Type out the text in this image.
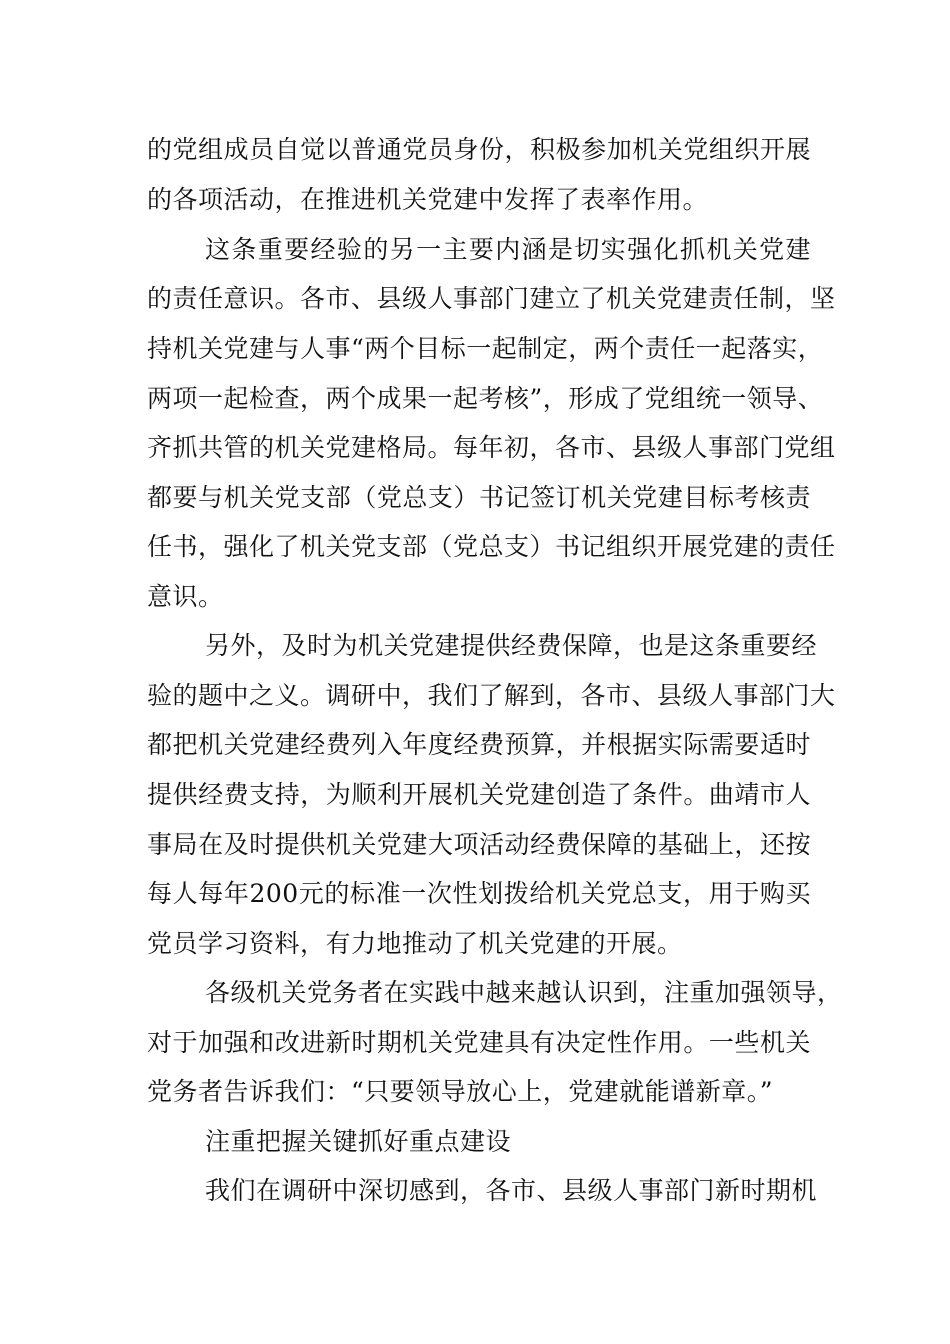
的党组成员自觉以普通党员身份，积极参加机关党组织开展
的各项活动，在推进机关党建中发挥了表率作用。
这条重要经验的另一主要内涵是切实强化抓机关党建
的责任意识。各市、县级人事部门建立了机关党建责任制，坚
持机关党建与人事“两个目标一起制定，两个责任一起落实，
两项一起检查，两个成果一起考核”，形成了党组统一领导、
齐抓共管的机关党建格局。每年初，各市、县级人事部门党组
都要与机关党支部（党总支）书记签订机关党建目标考核责
任书，强化了机关党支部（党总支）书记组织开展党建的责任
意识。
另外，及时为机关党建提供经费保障，也是这条重要经
验的题中之义。调研中，我们了解到，各市、县级人事部门大
都把机关党建经费列入年度经费预算，并根据实际需要适时
提供经费支持，为顺利开展机关党建创造了条件。曲靖市人
事局在及时提供机关党建大项活动经费保障的基础上，还按
每人每年200元的标准一次性划拨给机关党总支，用于购买
党员学习资料，有力地推动了机关党建的开展。
各级机关党务者在实践中越来越认识到，注重加强领导，
对于加强和改进新时期机关党建具有决定性作用。一些机关
党务者告诉我们：“只要领导放心上，党建就能谱新章。”
注重把握关键抓好重点建设
我们在调研中深切感到，各市、县级人事部门新时期机
